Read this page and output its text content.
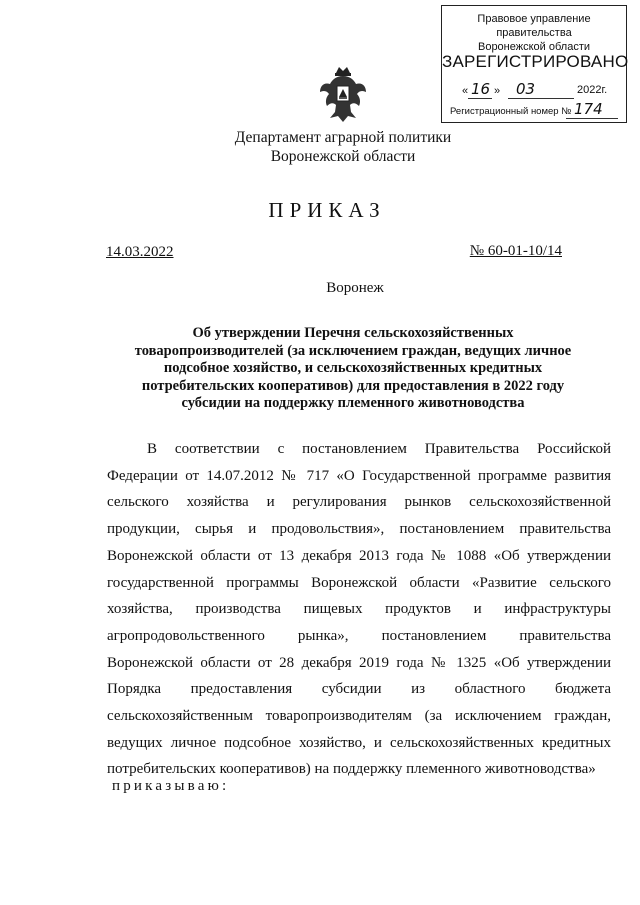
Правовое управление правительства
Воронежской области
ЗАРЕГИСТРИРОВАНО
« 16 » 03	2022г.
Регистрационный номер № 174
Департамент аграрной политики
Воронежской области
ПРИКАЗ
14.03.2022	№ 60-01-10/14
Воронеж
Об утверждении Перечня сельскохозяйственных
товаропроизводителей (за исключением граждан, ведущих личное
подсобное хозяйство, и сельскохозяйственных кредитных
потребительских кооперативов) для предоставления в 2022 году
субсидии на поддержку племенного животноводства
В соответствии с постановлением Правительства Российской
Федерации от 14.07.2012 № 717 «О Государственной программе развития
сельского хозяйства и регулирования рынков сельскохозяйственной
продукции, сырья и продовольствия», постановлением правительства
Воронежской области от 13 декабря 2013 года № 1088 «Об утверждении
государственной программы Воронежской области «Развитие сельского
хозяйства, производства пищевых продуктов и инфраструктуры
агропродовольственного рынка», постановлением правительства
Воронежской области от 28 декабря 2019 года № 1325 «Об утверждении
Порядка предоставления субсидии из областного бюджета
сельскохозяйственным товаропроизводителям (за исключением граждан,
ведущих личное подсобное хозяйство, и сельскохозяйственных кредитных
потребительских кооперативов) на поддержку племенного животноводства»
приказываю:
